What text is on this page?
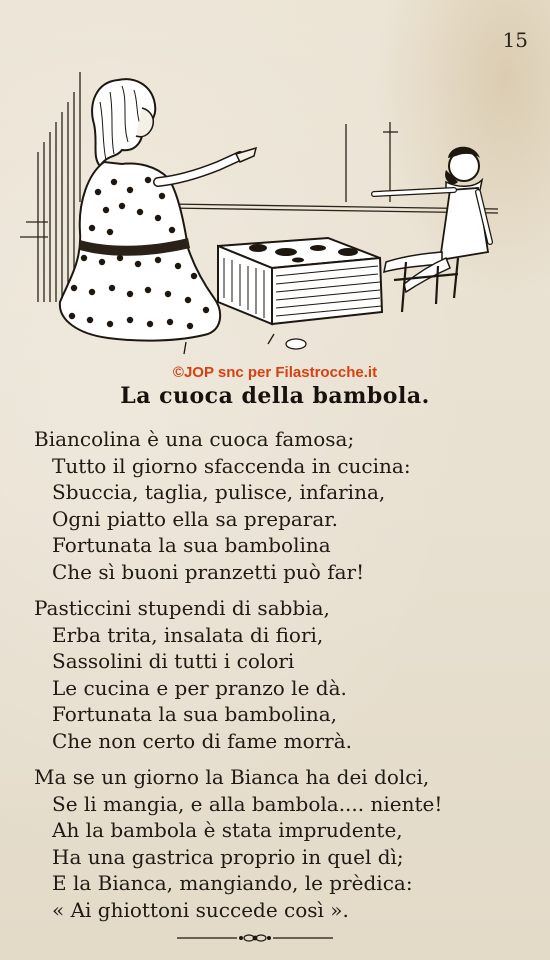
15
©JOP snc per Filastrocche.it
La cuoca della bambola.
Biancolina è una cuoca famosa;
Tutto il giorno sfaccenda in cucina:
Sbuccia, taglia, pulisce, infarina,
Ogni piatto ella sa preparar.
Fortunata la sua bambolina
Che sì buoni pranzetti può far!
Pasticcini stupendi di sabbia,
Erba trita, insalata di fiori,
Sassolini di tutti i colori
Le cucina e per pranzo le dà.
Fortunata la sua bambolina,
Che non certo di fame morrà.
Ma se un giorno la Bianca ha dei dolci,
Se li mangia, e alla bambola.... niente!
Ah la bambola è stata imprudente,
Ha una gastrica proprio in quel dì;
E la Bianca, mangiando, le prèdica:
« Ai ghiottoni succede così ».
